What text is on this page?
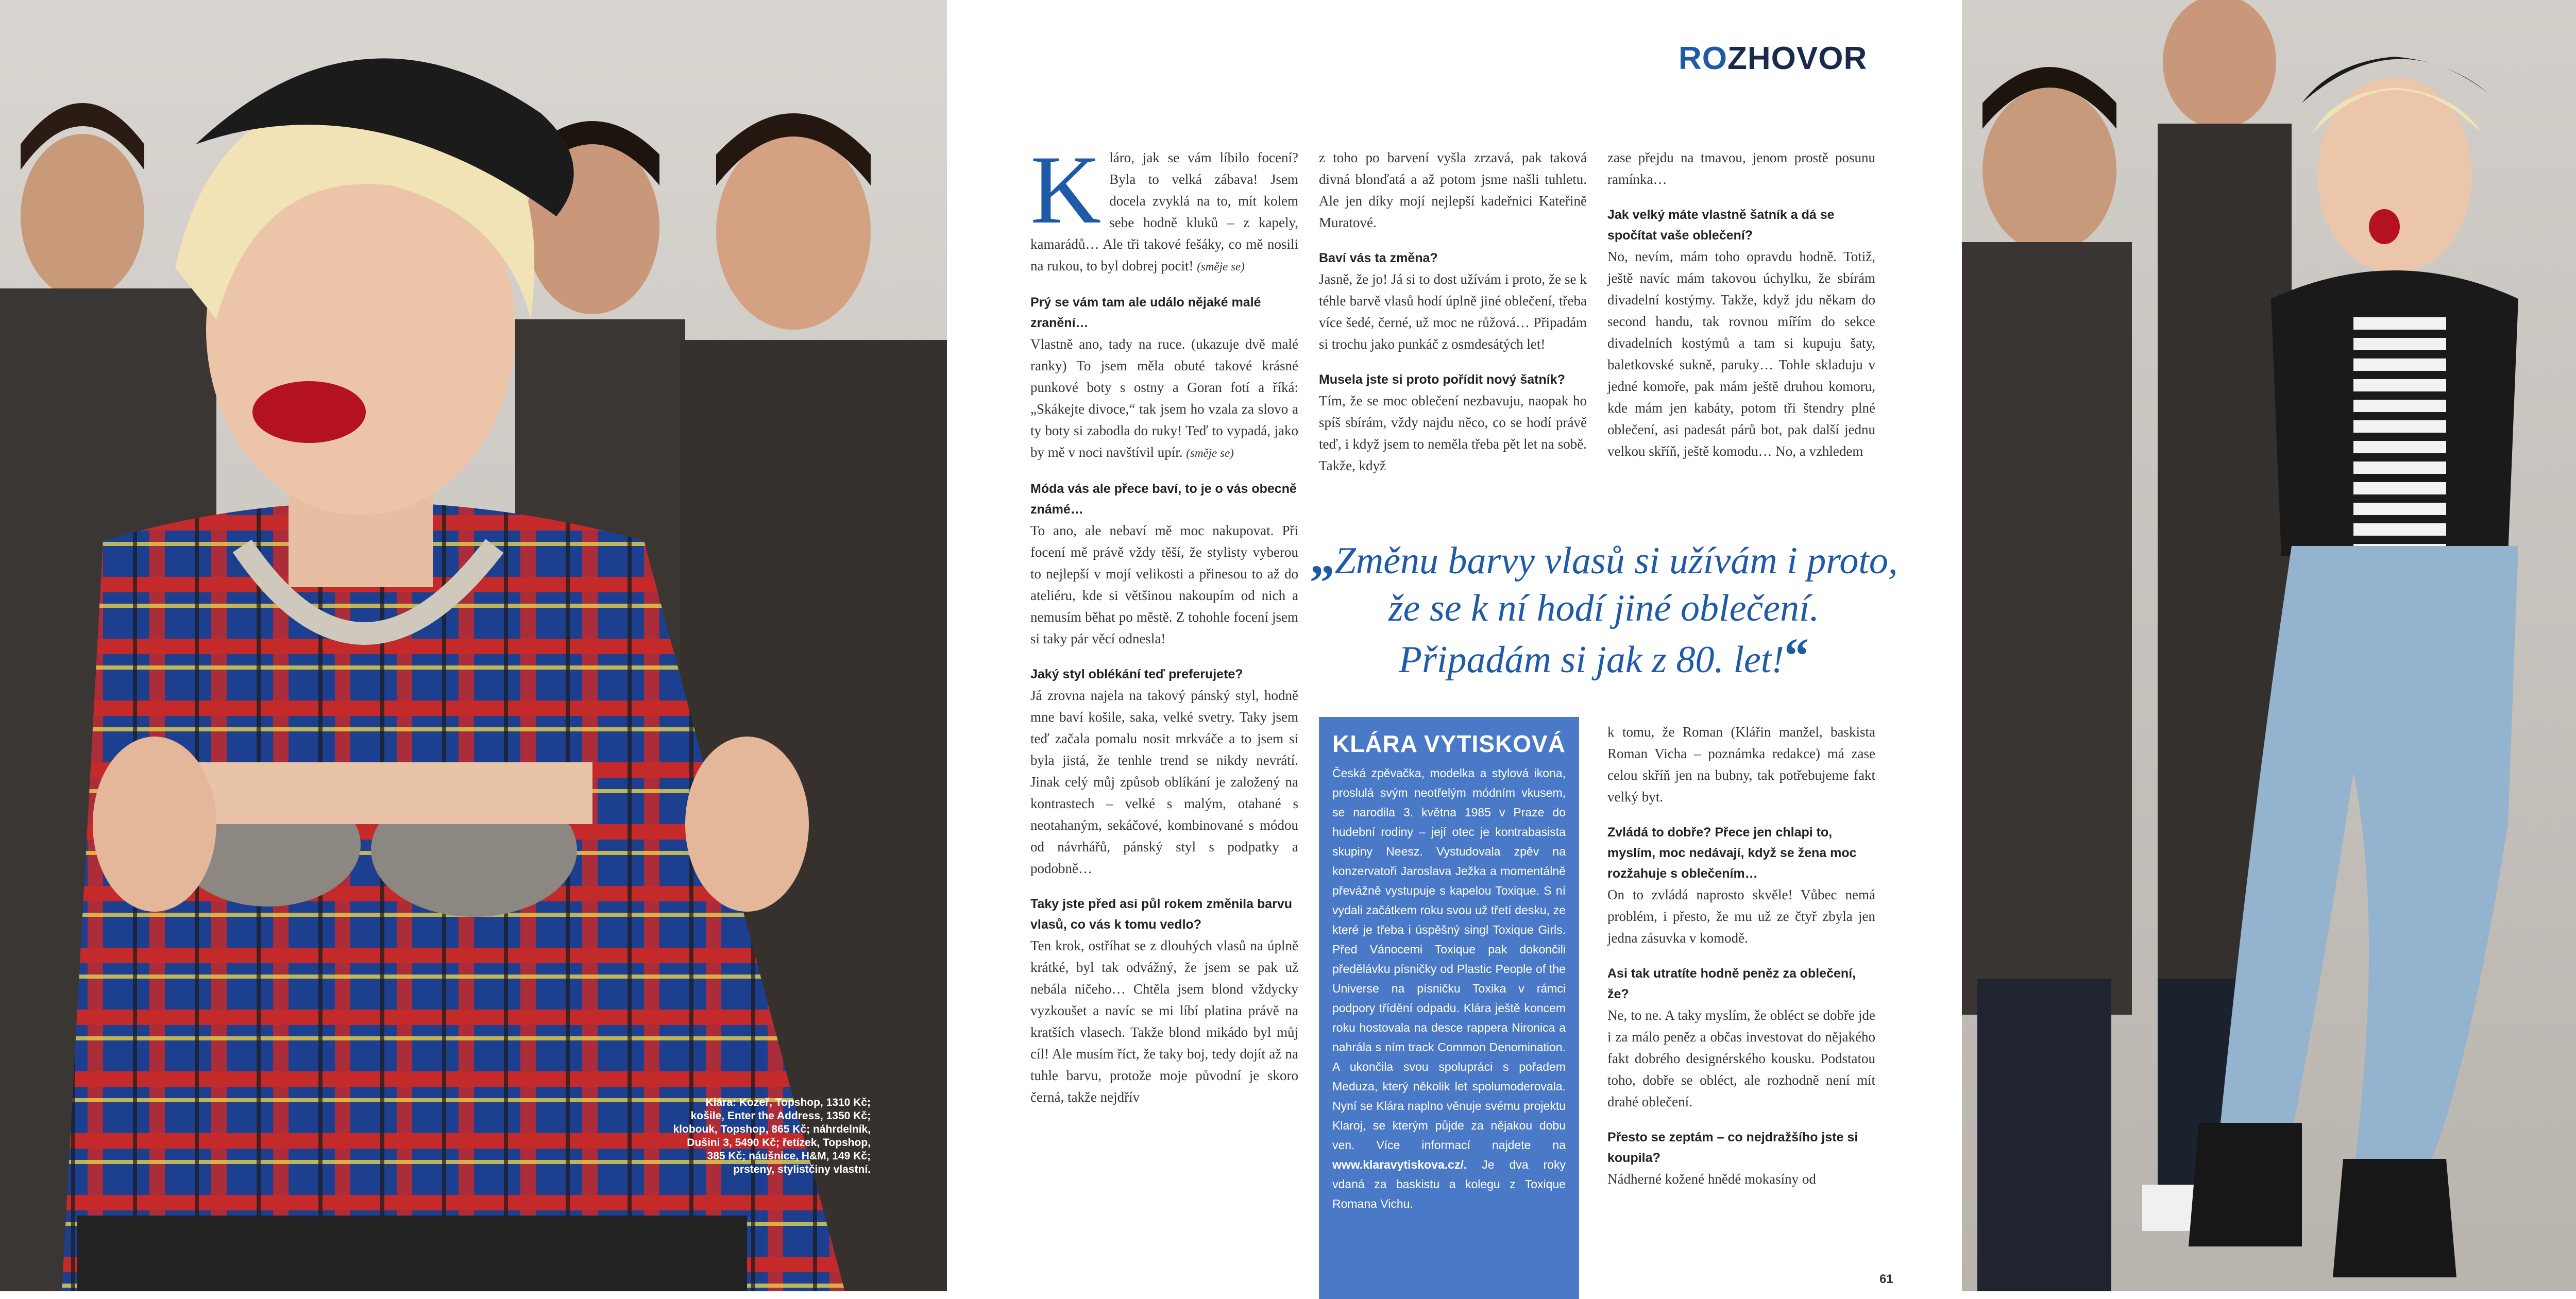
Klára: Kozeř, Topshop, 1310 Kč; košile, Enter the Address, 1350 Kč; klobouk, Topshop, 865 Kč; náhrdelník, Dušini 3, 5490 Kč; řetízek, Topshop, 385 Kč; náušnice, H&M, 149 Kč; prsteny, stylistčiny vlastní.
ROZHOVOR
K láro, jak se vám líbilo focení? Byla to velká zábava! Jsem docela zvyklá na to, mít kolem sebe hodně kluků – z kapely, kamarádů… Ale tři takové fešáky, co mě nosili na rukou, to byl dobrej pocit! (směje se)
Prý se vám tam ale událo nějaké malé zranění…
Vlastně ano, tady na ruce. (ukazuje dvě malé ranky) To jsem měla obuté takové krásné punkové boty s ostny a Goran fotí a říká: „Skákejte divoce,“ tak jsem ho vzala za slovo a ty boty si zabodla do ruky! Teď to vypadá, jako by mě v noci navštívil upír. (směje se)
Móda vás ale přece baví, to je o vás obecně známé…
To ano, ale nebaví mě moc nakupovat. Při focení mě právě vždy těší, že stylisty vyberou to nejlepší v mojí velikosti a přinesou to až do ateliéru, kde si většinou nakoupím od nich a nemusím běhat po městě. Z tohohle focení jsem si taky pár věcí odnesla!
Jaký styl oblékání teď preferujete?
Já zrovna najela na takový pánský styl, hodně mne baví košile, saka, velké svetry. Taky jsem teď začala pomalu nosit mrkváče a to jsem si byla jistá, že tenhle trend se nikdy nevrátí. Jinak celý můj způsob oblíkání je založený na kontrastech – velké s malým, otahané s neotahaným, sekáčové, kombinované s módou od návrhářů, pánský styl s podpatky a podobně…
Taky jste před asi půl rokem změnila barvu vlasů, co vás k tomu vedlo?
Ten krok, ostříhat se z dlouhých vlasů na úplně krátké, byl tak odvážný, že jsem se pak už nebála ničeho… Chtěla jsem blond vždycky vyzkoušet a navíc se mi líbí platina právě na kratších vlasech. Takže blond mikádo byl můj cíl! Ale musím říct, že taky boj, tedy dojít až na tuhle barvu, protože moje původní je skoro černá, takže nejdřív
z toho po barvení vyšla zrzavá, pak taková divná blonďatá a až potom jsme našli tuhletu. Ale jen díky mojí nejlepší kadeřnici Kateřině Muratové.
Baví vás ta změna?
Jasně, že jo! Já si to dost užívám i proto, že se k téhle barvě vlasů hodí úplně jiné oblečení, třeba více šedé, černé, už moc ne růžová… Připadám si trochu jako punkáč z osmdesátých let!
Musela jste si proto pořídit nový šatník?
Tím, že se moc oblečení nezbavuju, naopak ho spíš sbírám, vždy najdu něco, co se hodí právě teď, i když jsem to neměla třeba pět let na sobě. Takže, když
zase přejdu na tmavou, jenom prostě posunu ramínka…
Jak velký máte vlastně šatník a dá se spočítat vaše oblečení?
No, nevím, mám toho opravdu hodně. Totiž, ještě navíc mám takovou úchylku, že sbírám divadelní kostýmy. Takže, když jdu někam do second handu, tak rovnou mířím do sekce divadelních kostýmů a tam si kupuju šaty, baletkovské sukně, paruky… Tohle skladuju v jedné komoře, pak mám ještě druhou komoru, kde mám jen kabáty, potom tři štendry plné oblečení, asi padesát párů bot, pak další jednu velkou skříň, ještě komodu… No, a vzhledem
„Změnu barvy vlasů si užívám i proto, že se k ní hodí jiné oblečení. Připadám si jak z 80. let!“
KLÁRA VYTISKOVÁ
Česká zpěvačka, modelka a stylová ikona, proslulá svým neotřelým módním vkusem, se narodila 3. května 1985 v Praze do hudební rodiny – její otec je kontrabasista skupiny Neesz. Vystudovala zpěv na konzervatoři Jaroslava Ježka a momentálně převážně vystupuje s kapelou Toxique. S ní vydali začátkem roku svou už třetí desku, ze které je třeba i úspěšný singl Toxique Girls. Před Vánocemi Toxique pak dokončili předělávku písničky od Plastic People of the Universe na písničku Toxika v rámci podpory třídění odpadu. Klára ještě koncem roku hostovala na desce rappera Nironica a nahrála s ním track Common Denomination. A ukončila svou spolupráci s pořadem Meduza, který několik let spolumoderovala. Nyní se Klára naplno věnuje svému projektu Klaroj, se kterým půjde za nějakou dobu ven. Více informací najdete na www.klaravytiskova.cz/. Je dva roky vdaná za baskistu a kolegu z Toxique Romana Vichu.
k tomu, že Roman (Klářin manžel, baskista Roman Vicha – poznámka redakce) má zase celou skříň jen na bubny, tak potřebujeme fakt velký byt.
Zvládá to dobře? Přece jen chlapi to, myslím, moc nedávají, když se žena moc rozžahuje s oblečením…
On to zvládá naprosto skvěle! Vůbec nemá problém, i přesto, že mu už ze čtyř zbyla jen jedna zásuvka v komodě.
Asi tak utratíte hodně peněz za oblečení, že?
Ne, to ne. A taky myslím, že obléct se dobře jde i za málo peněz a občas investovat do nějakého fakt dobrého designérského kousku. Podstatou toho, dobře se obléct, ale rozhodně není mít drahé oblečení.
Přesto se zeptám – co nejdražšího jste si koupila?
Nádherné kožené hnědé mokasíny od
61
